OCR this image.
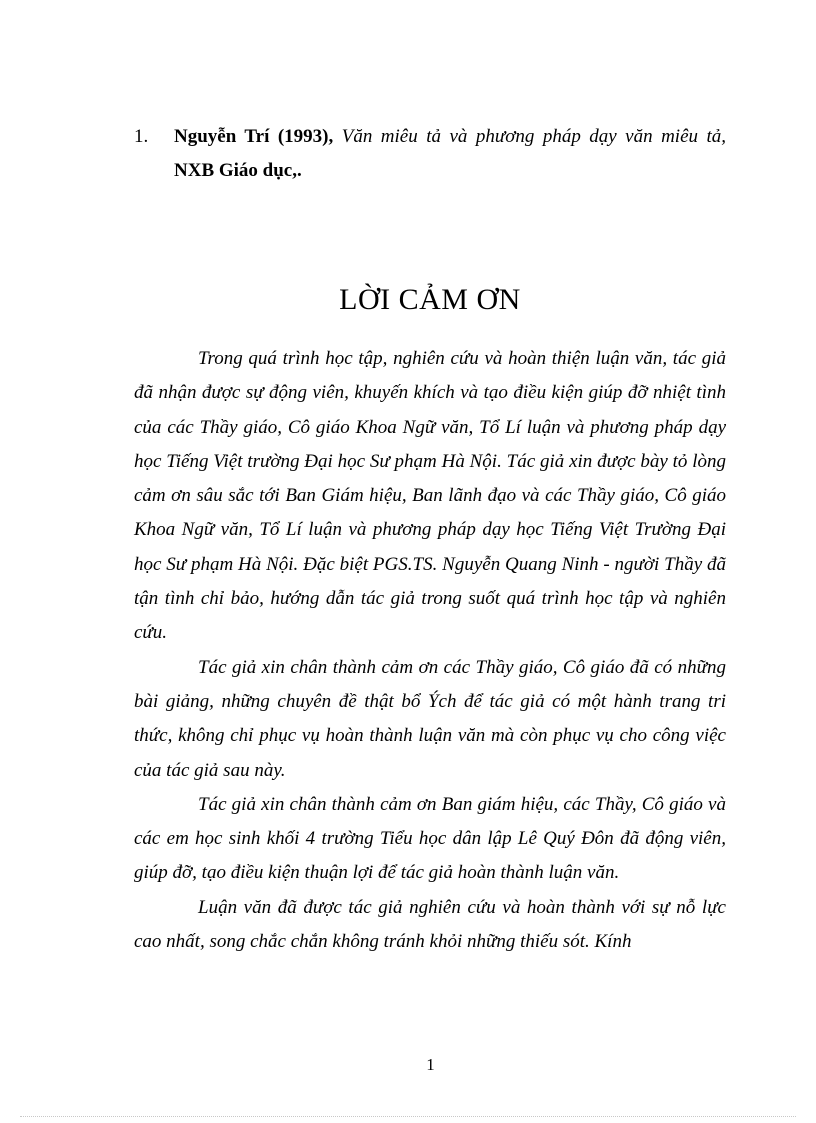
1. Nguyễn Trí (1993), Văn miêu tả và phương pháp dạy văn miêu tả, NXB Giáo dục,.
LỜI CẢM ƠN

Trong quá trình học tập, nghiên cứu và hoàn thiện luận văn, tác giả đã nhận được sự động viên, khuyến khích và tạo điều kiện giúp đỡ nhiệt tình của các Thầy giáo, Cô giáo Khoa Ngữ văn, Tổ Lí luận và phương pháp dạy học Tiếng Việt trường Đại học Sư phạm Hà Nội. Tác giả xin được bày tỏ lòng cảm ơn sâu sắc tới Ban Giám hiệu, Ban lãnh đạo và các Thầy giáo, Cô giáo Khoa Ngữ văn, Tổ Lí luận và phương pháp dạy học Tiếng Việt Trường Đại học Sư phạm Hà Nội. Đặc biệt PGS.TS. Nguyễn Quang Ninh - người Thầy đã tận tình chỉ bảo, hướng dẫn tác giả trong suốt quá trình học tập và nghiên cứu.

Tác giả xin chân thành cảm ơn các Thầy giáo, Cô giáo đã có những bài giảng, những chuyên đề thật bổ Ých để tác giả có một hành trang tri thức, không chỉ phục vụ hoàn thành luận văn mà còn phục vụ cho công việc của tác giả sau này.

Tác giả xin chân thành cảm ơn Ban giám hiệu, các Thầy, Cô giáo và các em học sinh khối 4 trường Tiểu học dân lập Lê Quý Đôn đã động viên, giúp đỡ, tạo điều kiện thuận lợi để tác giả hoàn thành luận văn.

Luận văn đã được tác giả nghiên cứu và hoàn thành với sự nỗ lực cao nhất, song chắc chắn không tránh khỏi những thiếu sót. Kính

1
